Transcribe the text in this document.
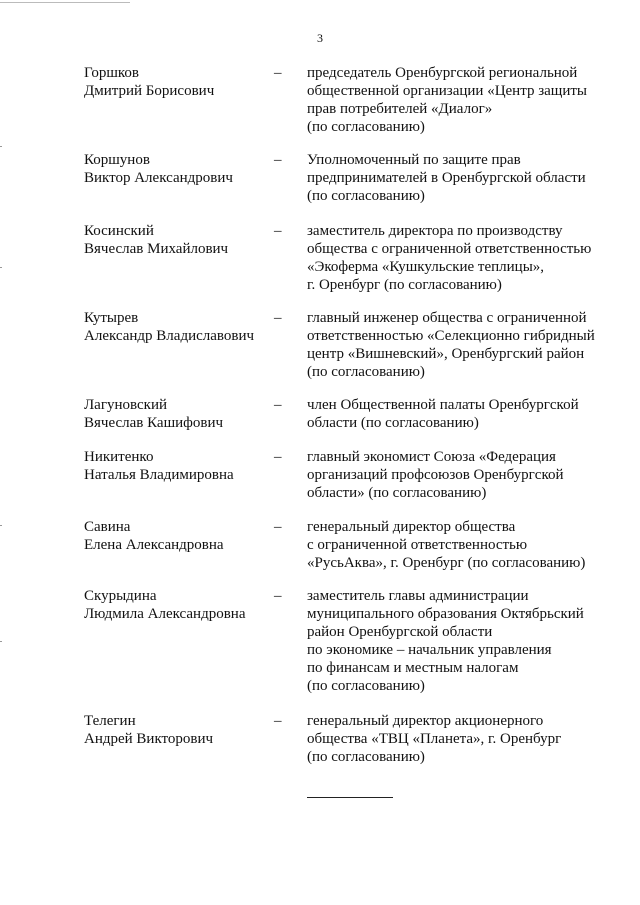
3
Горшков
Дмитрий Борисович
– председатель Оренбургской региональной
общественной организации «Центр защиты
прав потребителей «Диалог»
(по согласованию)
Коршунов
Виктор Александрович
– Уполномоченный по защите прав
предпринимателей в Оренбургской области
(по согласованию)
Косинский
Вячеслав Михайлович
– заместитель директора по производству
общества с ограниченной ответственностью
«Экоферма «Кушкульские теплицы»,
г. Оренбург (по согласованию)
Кутырев
Александр Владиславович
– главный инженер общества с ограниченной
ответственностью «Селекционно гибридный
центр «Вишневский», Оренбургский район
(по согласованию)
Лагуновский
Вячеслав Кашифович
– член Общественной палаты Оренбургской
области (по согласованию)
Никитенко
Наталья Владимировна
– главный экономист Союза «Федерация
организаций профсоюзов Оренбургской
области» (по согласованию)
Савина
Елена Александровна
– генеральный директор общества
с ограниченной ответственностью
«РусьАква», г. Оренбург (по согласованию)
Скурыдина
Людмила Александровна
– заместитель главы администрации
муниципального образования Октябрьский
район Оренбургской области
по экономике – начальник управления
по финансам и местным налогам
(по согласованию)
Телегин
Андрей Викторович
– генеральный директор акционерного
общества «ТВЦ «Планета», г. Оренбург
(по согласованию)
